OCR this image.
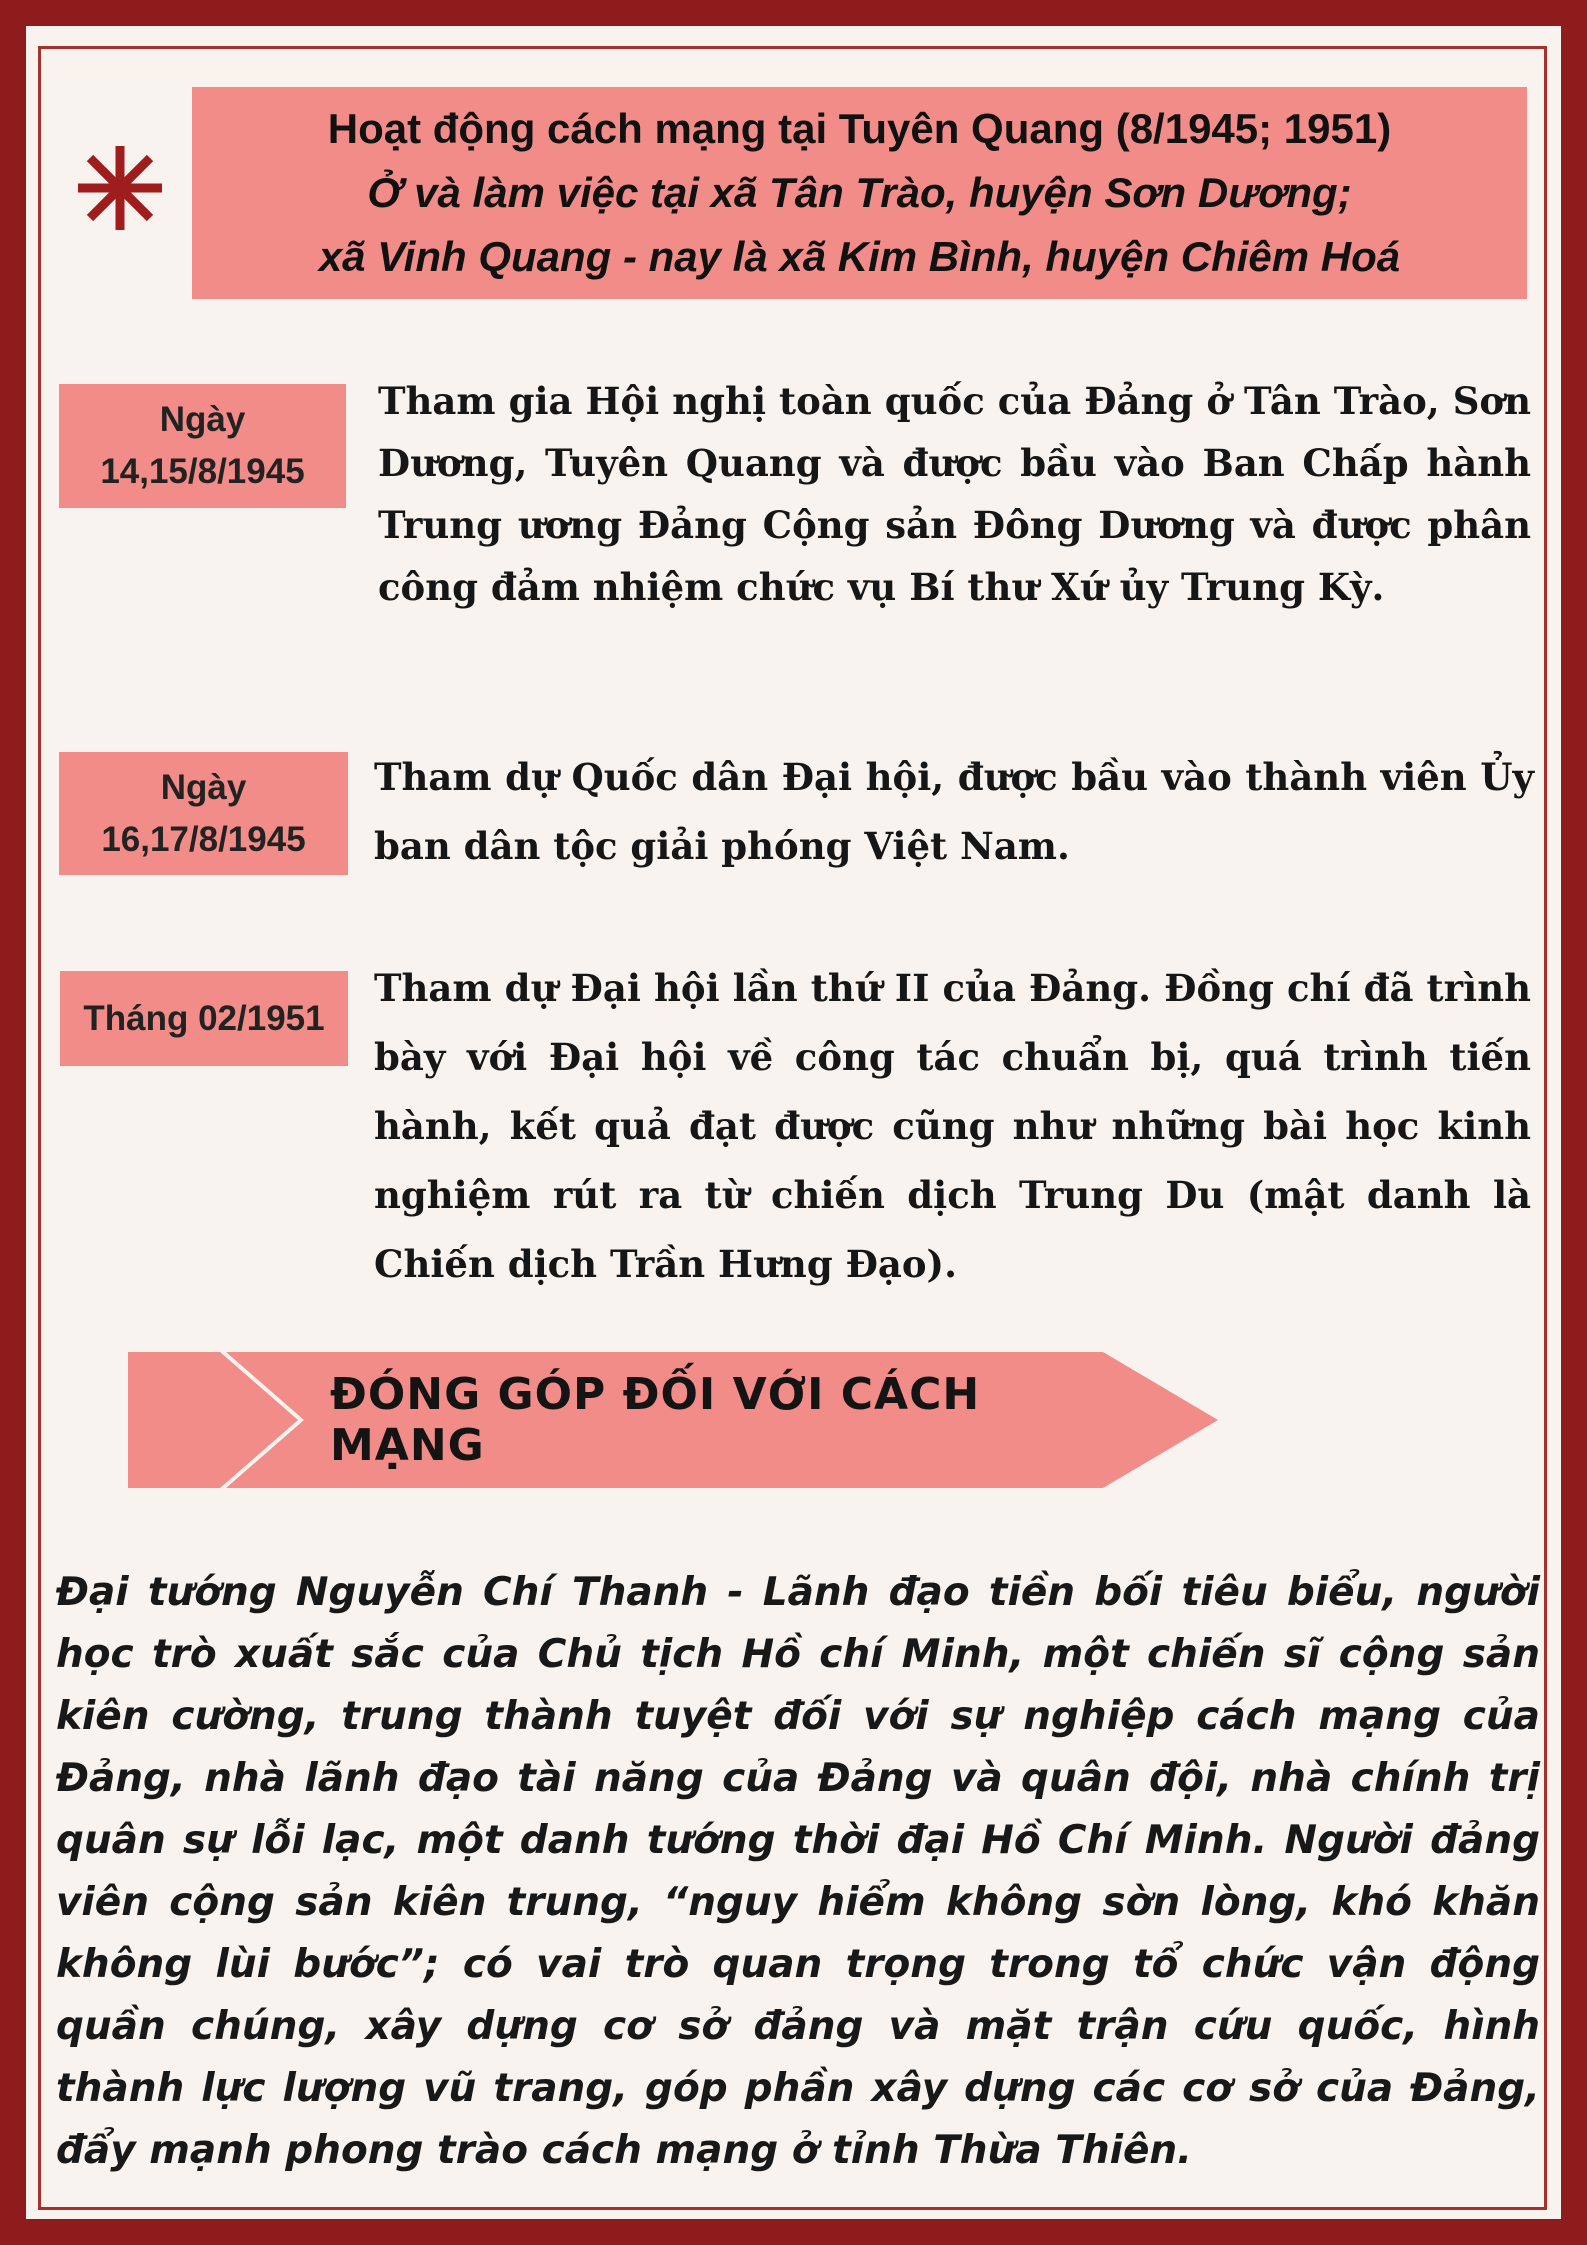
Hoạt động cách mạng tại Tuyên Quang (8/1945; 1951)
Ở và làm việc tại xã Tân Trào, huyện Sơn Dương;
xã Vinh Quang - nay là xã Kim Bình, huyện Chiêm Hoá
Ngày
14,15/8/1945
Tham gia Hội nghị toàn quốc của Đảng ở Tân Trào, Sơn Dương, Tuyên Quang và được bầu vào Ban Chấp hành Trung ương Đảng Cộng sản Đông Dương và được phân công đảm nhiệm chức vụ Bí thư Xứ ủy Trung Kỳ.
Ngày
16,17/8/1945
Tham dự Quốc dân Đại hội, được bầu vào thành viên Ủy ban dân tộc giải phóng Việt Nam.
Tháng 02/1951
Tham dự Đại hội lần thứ II của Đảng. Đồng chí đã trình bày với Đại hội về công tác chuẩn bị, quá trình tiến hành, kết quả đạt được cũng như những bài học kinh nghiệm rút ra từ chiến dịch Trung Du (mật danh là Chiến dịch Trần Hưng Đạo).
ĐÓNG GÓP ĐỐI VỚI CÁCH MẠNG
Đại tướng Nguyễn Chí Thanh - Lãnh đạo tiền bối tiêu biểu, người học trò xuất sắc của Chủ tịch Hồ chí Minh, một chiến sĩ cộng sản kiên cường, trung thành tuyệt đối với sự nghiệp cách mạng của Đảng, nhà lãnh đạo tài năng của Đảng và quân đội, nhà chính trị quân sự lỗi lạc, một danh tướng thời đại Hồ Chí Minh. Người đảng viên cộng sản kiên trung, “nguy hiểm không sờn lòng, khó khăn không lùi bước”; có vai trò quan trọng trong tổ chức vận động quần chúng, xây dựng cơ sở đảng và mặt trận cứu quốc, hình thành lực lượng vũ trang, góp phần xây dựng các cơ sở của Đảng, đẩy mạnh phong trào cách mạng ở tỉnh Thừa Thiên.
